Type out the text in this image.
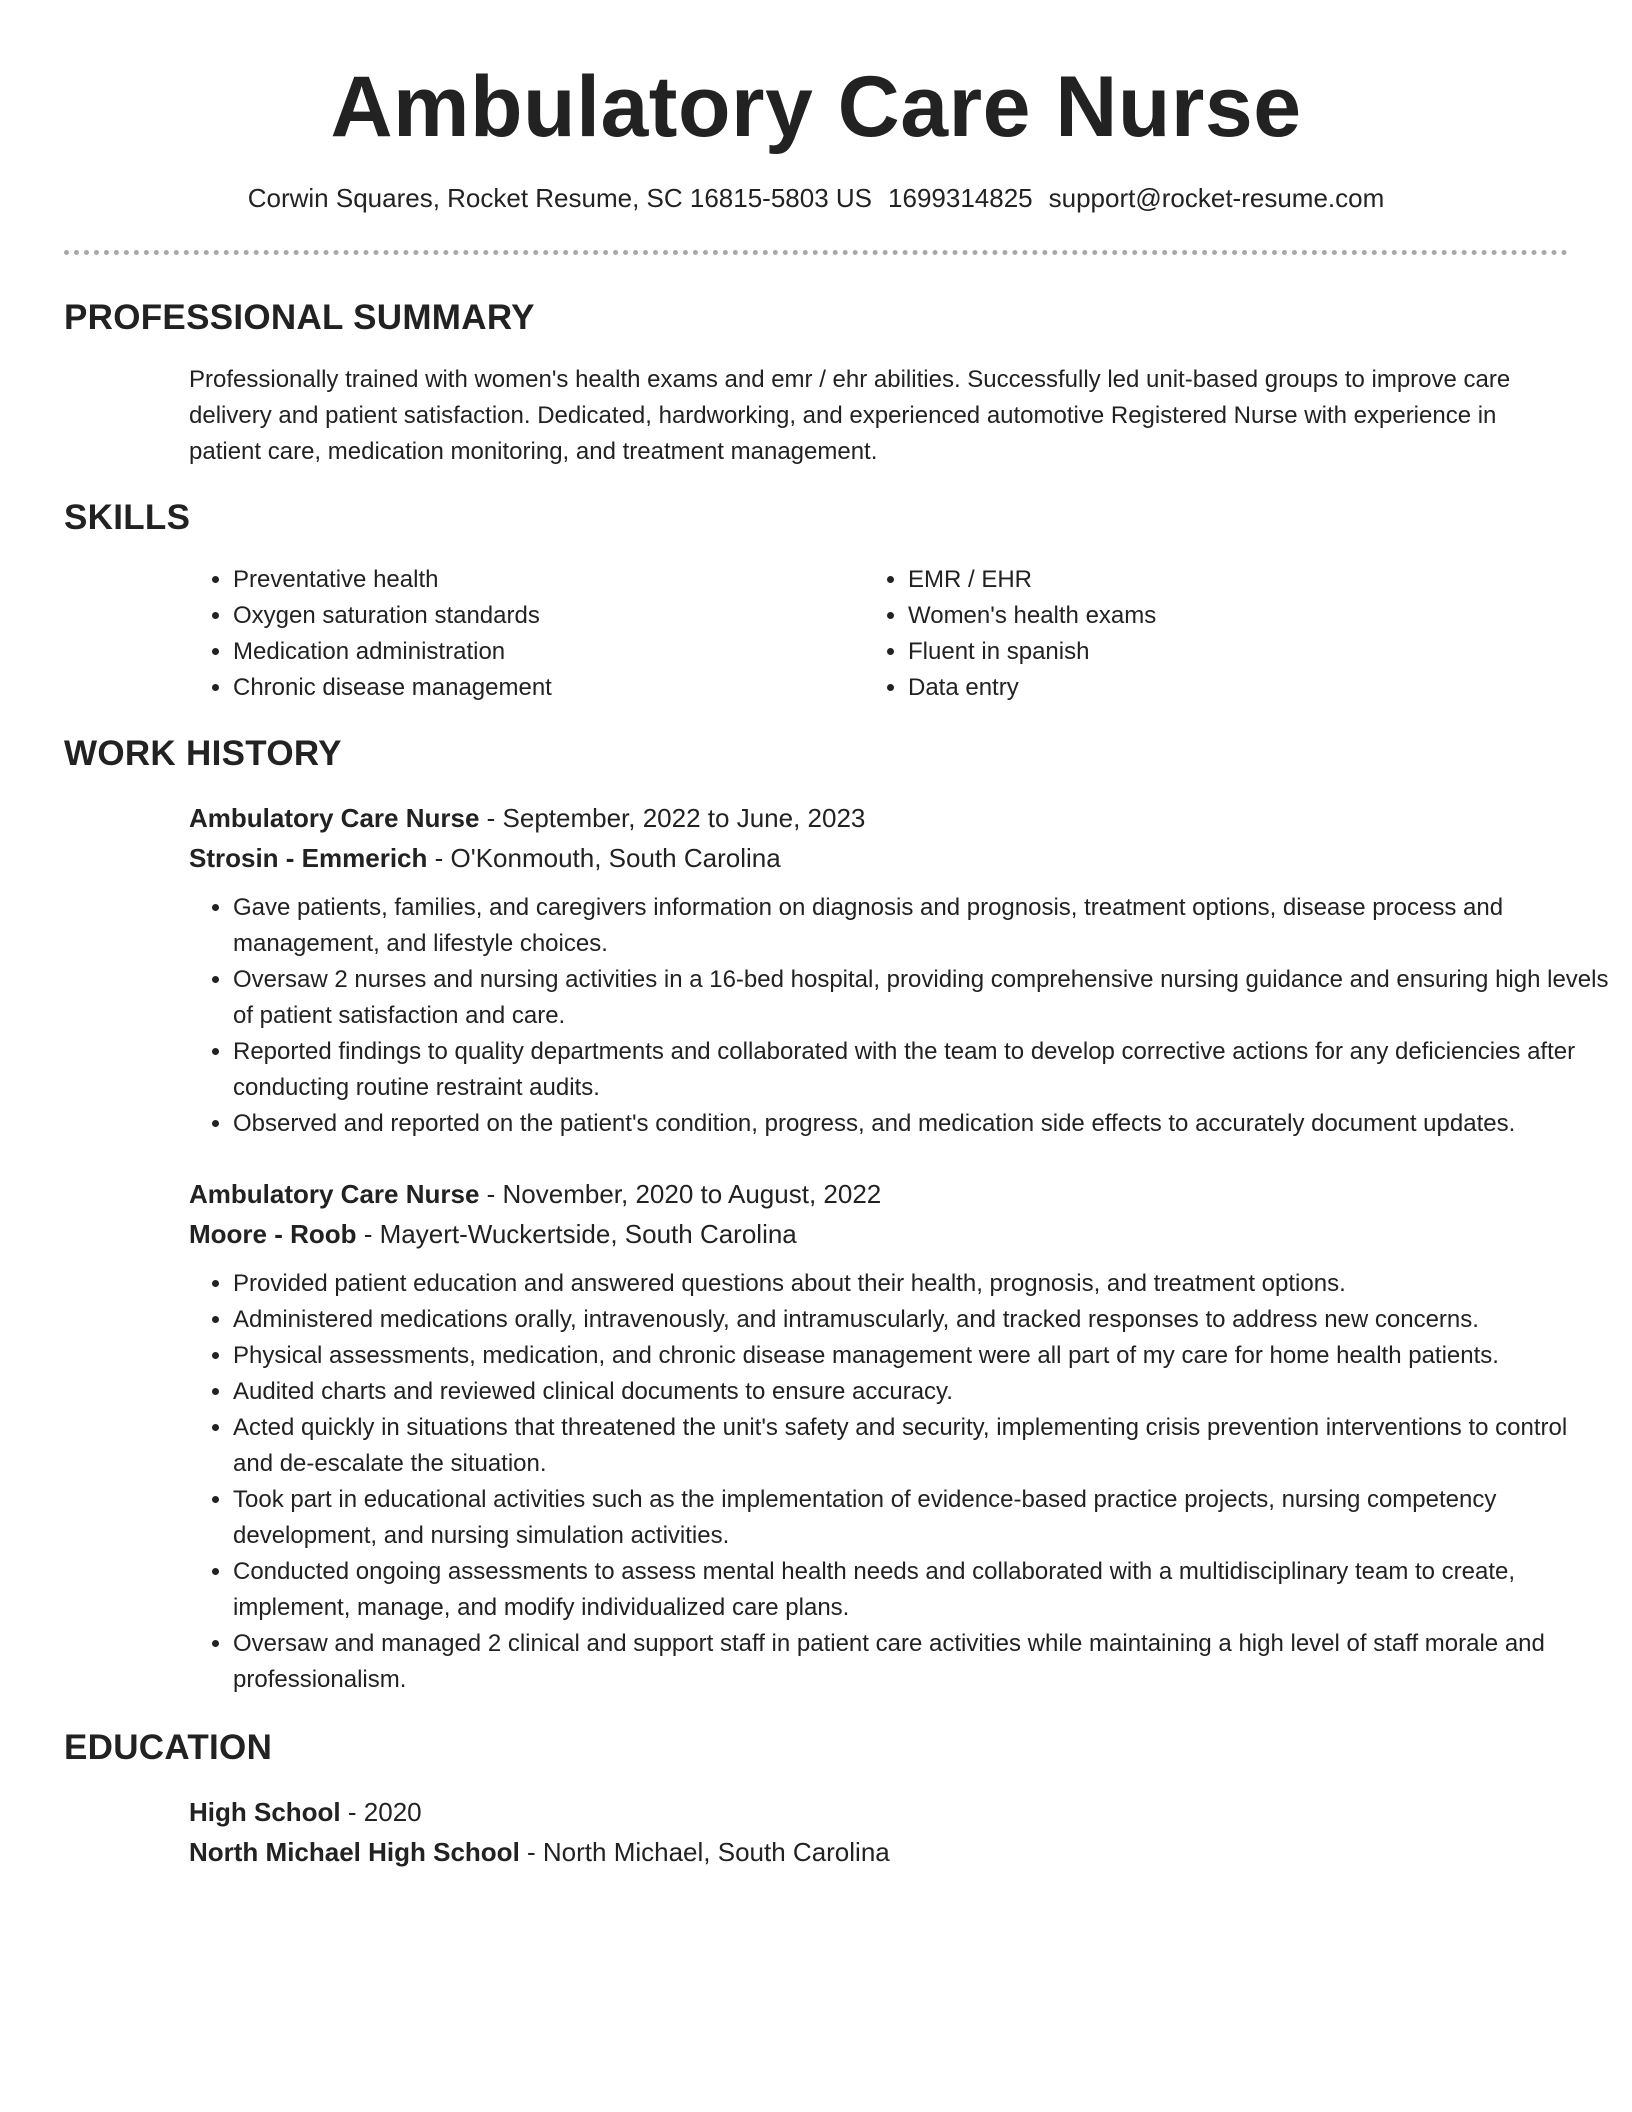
Ambulatory Care Nurse
Corwin Squares, Rocket Resume, SC 16815-5803 US 1699314825 support@rocket-resume.com
PROFESSIONAL SUMMARY
Professionally trained with women's health exams and emr / ehr abilities. Successfully led unit-based groups to improve care delivery and patient satisfaction. Dedicated, hardworking, and experienced automotive Registered Nurse with experience in patient care, medication monitoring, and treatment management.
SKILLS
• Preventative health
• Oxygen saturation standards
• Medication administration
• Chronic disease management
• EMR / EHR
• Women's health exams
• Fluent in spanish
• Data entry
WORK HISTORY
Ambulatory Care Nurse - September, 2022 to June, 2023
Strosin - Emmerich - O'Konmouth, South Carolina
• Gave patients, families, and caregivers information on diagnosis and prognosis, treatment options, disease process and management, and lifestyle choices.
• Oversaw 2 nurses and nursing activities in a 16-bed hospital, providing comprehensive nursing guidance and ensuring high levels of patient satisfaction and care.
• Reported findings to quality departments and collaborated with the team to develop corrective actions for any deficiencies after conducting routine restraint audits.
• Observed and reported on the patient's condition, progress, and medication side effects to accurately document updates.
Ambulatory Care Nurse - November, 2020 to August, 2022
Moore - Roob - Mayert-Wuckertside, South Carolina
• Provided patient education and answered questions about their health, prognosis, and treatment options.
• Administered medications orally, intravenously, and intramuscularly, and tracked responses to address new concerns.
• Physical assessments, medication, and chronic disease management were all part of my care for home health patients.
• Audited charts and reviewed clinical documents to ensure accuracy.
• Acted quickly in situations that threatened the unit's safety and security, implementing crisis prevention interventions to control and de-escalate the situation.
• Took part in educational activities such as the implementation of evidence-based practice projects, nursing competency development, and nursing simulation activities.
• Conducted ongoing assessments to assess mental health needs and collaborated with a multidisciplinary team to create, implement, manage, and modify individualized care plans.
• Oversaw and managed 2 clinical and support staff in patient care activities while maintaining a high level of staff morale and professionalism.
EDUCATION
High School - 2020
North Michael High School - North Michael, South Carolina
